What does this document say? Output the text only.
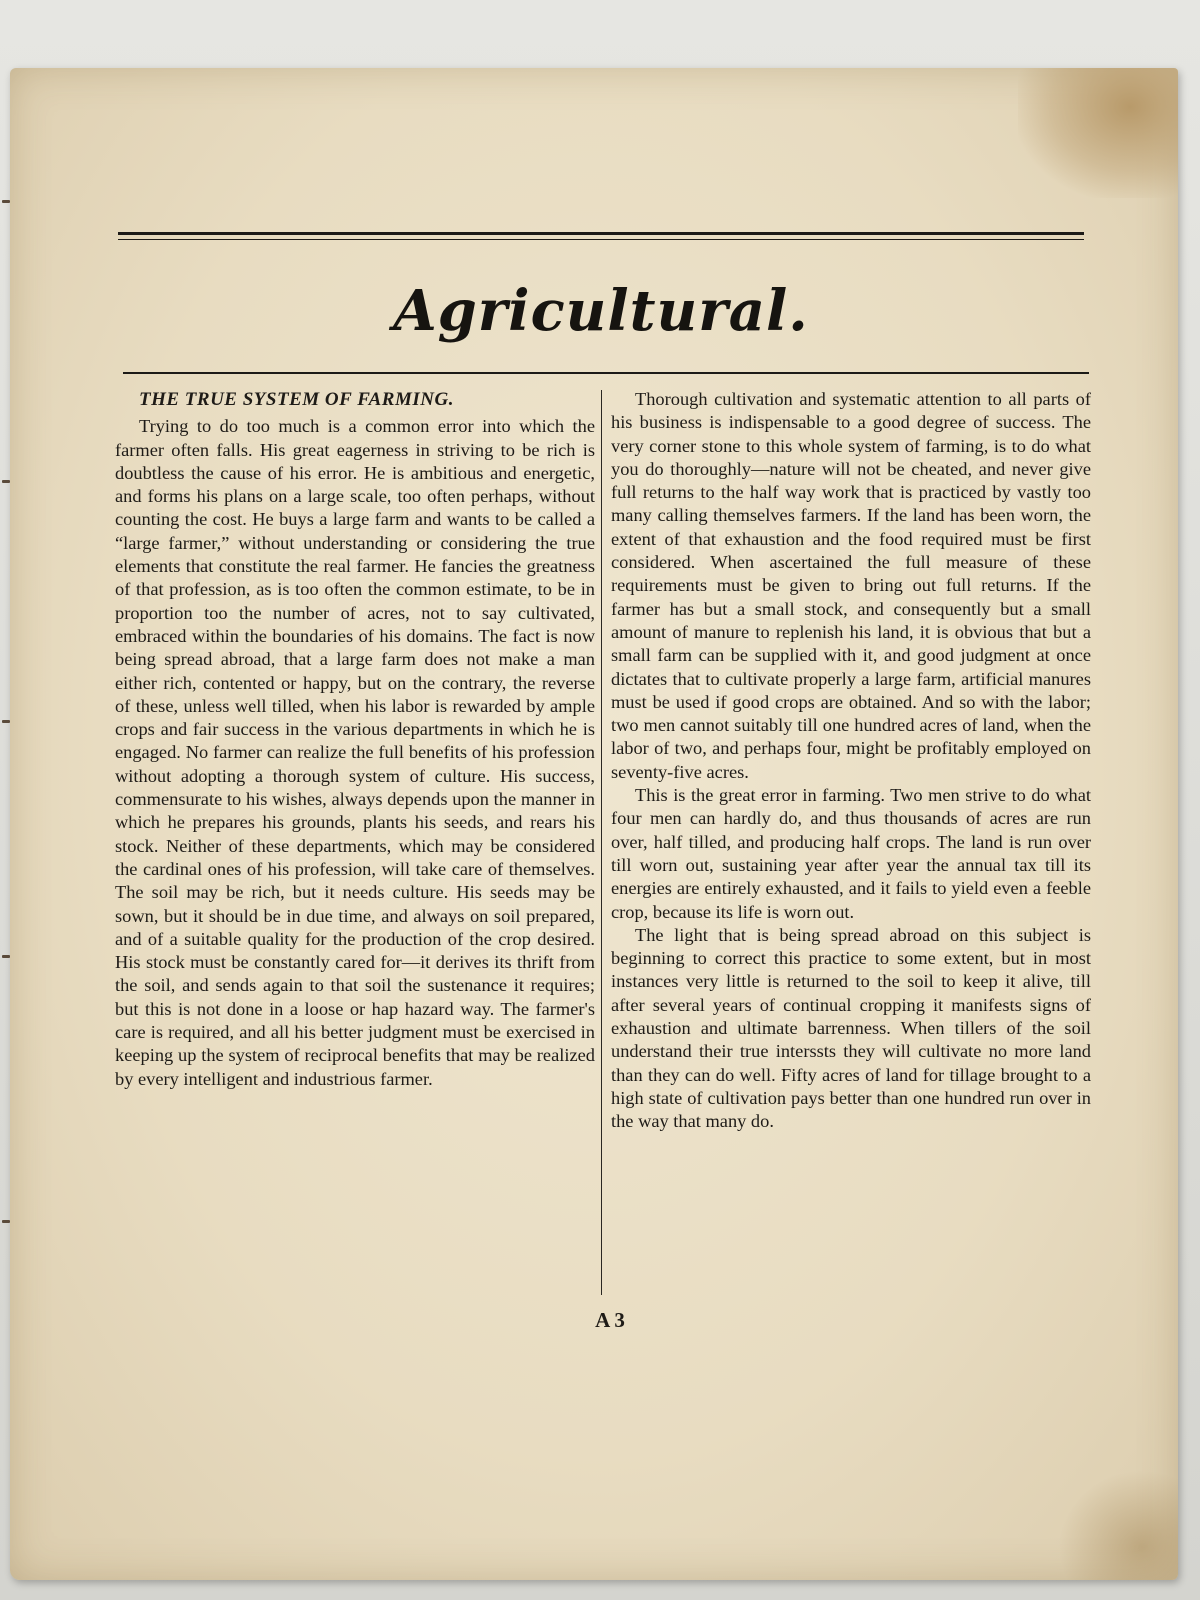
Agricultural.
THE TRUE SYSTEM OF FARMING.

Trying to do too much is a common error into which the farmer often falls. His great eagerness in striving to be rich is doubtless the cause of his error. He is ambitious and energetic, and forms his plans on a large scale, too often perhaps, without counting the cost. He buys a large farm and wants to be called a “large farmer,” without understanding or considering the true elements that constitute the real farmer. He fancies the greatness of that profession, as is too often the common estimate, to be in proportion too the number of acres, not to say cultivated, embraced within the boundaries of his domains. The fact is now being spread abroad, that a large farm does not make a man either rich, contented or happy, but on the contrary, the reverse of these, unless well tilled, when his labor is rewarded by ample crops and fair success in the various departments in which he is engaged. No farmer can realize the full benefits of his profession without adopting a thorough system of culture. His success, commensurate to his wishes, always depends upon the manner in which he prepares his grounds, plants his seeds, and rears his stock. Neither of these departments, which may be considered the cardinal ones of his profession, will take care of themselves. The soil may be rich, but it needs culture. His seeds may be sown, but it should be in due time, and always on soil prepared, and of a suitable quality for the production of the crop desired. His stock must be constantly cared for—it derives its thrift from the soil, and sends again to that soil the sustenance it requires; but this is not done in a loose or hap hazard way. The farmer's care is required, and all his better judgment must be exercised in keeping up the system of reciprocal benefits that may be realized by every intelligent and industrious farmer.

Thorough cultivation and systematic attention to all parts of his business is indispensable to a good degree of success. The very corner stone to this whole system of farming, is to do what you do thoroughly—nature will not be cheated, and never give full returns to the half way work that is practiced by vastly too many calling themselves farmers. If the land has been worn, the extent of that exhaustion and the food required must be first considered. When ascertained the full measure of these requirements must be given to bring out full returns. If the farmer has but a small stock, and consequently but a small amount of manure to replenish his land, it is obvious that but a small farm can be supplied with it, and good judgment at once dictates that to cultivate properly a large farm, artificial manures must be used if good crops are obtained. And so with the labor; two men cannot suitably till one hundred acres of land, when the labor of two, and perhaps four, might be profitably employed on seventy-five acres.

This is the great error in farming. Two men strive to do what four men can hardly do, and thus thousands of acres are run over, half tilled, and producing half crops. The land is run over till worn out, sustaining year after year the annual tax till its energies are entirely exhausted, and it fails to yield even a feeble crop, because its life is worn out.

The light that is being spread abroad on this subject is beginning to correct this practice to some extent, but in most instances very little is returned to the soil to keep it alive, till after several years of continual cropping it manifests signs of exhaustion and ultimate barrenness. When tillers of the soil understand their true interssts they will cultivate no more land than they can do well. Fifty acres of land for tillage brought to a high state of cultivation pays better than one hundred run over in the way that many do.

A 3
